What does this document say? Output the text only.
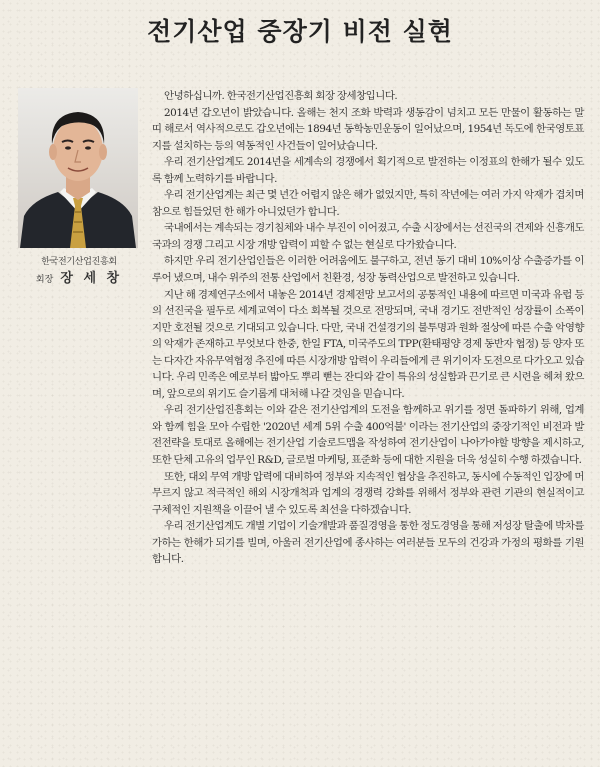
전기산업 중장기 비전 실현
한국전기산업진흥회
회장 장 세 창

안녕하십니까. 한국전기산업진흥회 회장 장세창입니다.

2014년 갑오년이 밝았습니다. 올해는 천지 조화 박력과 생동감이 넘치고 모든 만물이 활동하는 말띠 해로서 역사적으로도 갑오년에는 1894년 동학농민운동이 일어났으며, 1954년 독도에 한국영토표지를 설치하는 등의 역동적인 사건들이 일어났습니다.

우리 전기산업계도 2014년을 세계속의 경쟁에서 획기적으로 발전하는 이정표의 한해가 될수 있도록 함께 노력하기를 바랍니다.

우리 전기산업계는 최근 몇 년간 어렵지 않은 해가 없었지만, 특히 작년에는 여러 가지 악재가 겹치며 참으로 힘들었던 한 해가 아니었던가 합니다.

국내에서는 계속되는 경기침체와 내수 부진이 이어졌고, 수출 시장에서는 선진국의 견제와 신흥개도국과의 경쟁 그리고 시장 개방 압력이 피할 수 없는 현실로 다가왔습니다.

하지만 우리 전기산업인들은 이러한 어려움에도 불구하고, 전년 동기 대비 10%이상 수출증가를 이루어 냈으며, 내수 위주의 전통 산업에서 친환경, 성장 동력산업으로 발전하고 있습니다.

지난 해 경제연구소에서 내놓은 2014년 경제전망 보고서의 공통적인 내용에 따르면 미국과 유럽 등의 선진국을 필두로 세계교역이 다소 회복될 것으로 전망되며, 국내 경기도 전반적인 성장률이 소폭이지만 호전될 것으로 기대되고 있습니다. 다만, 국내 건설경기의 불투명과 원화 절상에 따른 수출 악영향의 악재가 존재하고 무엇보다 한중, 한일 FTA, 미국주도의 TPP(환태평양 경제 동반자 협정) 등 양자 또는 다자간 자유무역협정 추진에 따른 시장개방 압력이 우리들에게 큰 위기이자 도전으로 다가오고 있습니다. 우리 민족은 예로부터 밟아도 뿌리 뻗는 잔디와 같이 특유의 성실함과 끈기로 큰 시련을 헤쳐 왔으며, 앞으로의 위기도 슬기롭게 대처해 나갈 것임을 믿습니다.

우리 전기산업진흥회는 이와 같은 전기산업계의 도전을 함께하고 위기를 정면 돌파하기 위해, 업계와 함께 힘을 모아 수립한 '2020년 세계 5위 수출 400억불' 이라는 전기산업의 중장기적인 비전과 발전전략을 토대로 올해에는 전기산업 기술로드맵을 작성하여 전기산업이 나아가야할 방향을 제시하고, 또한 단체 고유의 업무인 R&D, 글로벌 마케팅, 표준화 등에 대한 지원을 더욱 성실히 수행 하겠습니다.

또한, 대외 무역 개방 압력에 대비하여 정부와 지속적인 협상을 추진하고, 동시에 수동적인 입장에 머무르지 않고 적극적인 해외 시장개척과 업계의 경쟁력 강화를 위해서 정부와 관련 기관의 현실적이고 구체적인 지원책을 이끌어 낼 수 있도록 최선을 다하겠습니다.

우리 전기산업계도 개별 기업이 기술개발과 품질경영을 통한 정도경영을 통해 저성장 탈출에 박차를 가하는 한해가 되기를 빌며, 아울러 전기산업에 종사하는 여러분들 모두의 건강과 가정의 평화를 기원합니다.
